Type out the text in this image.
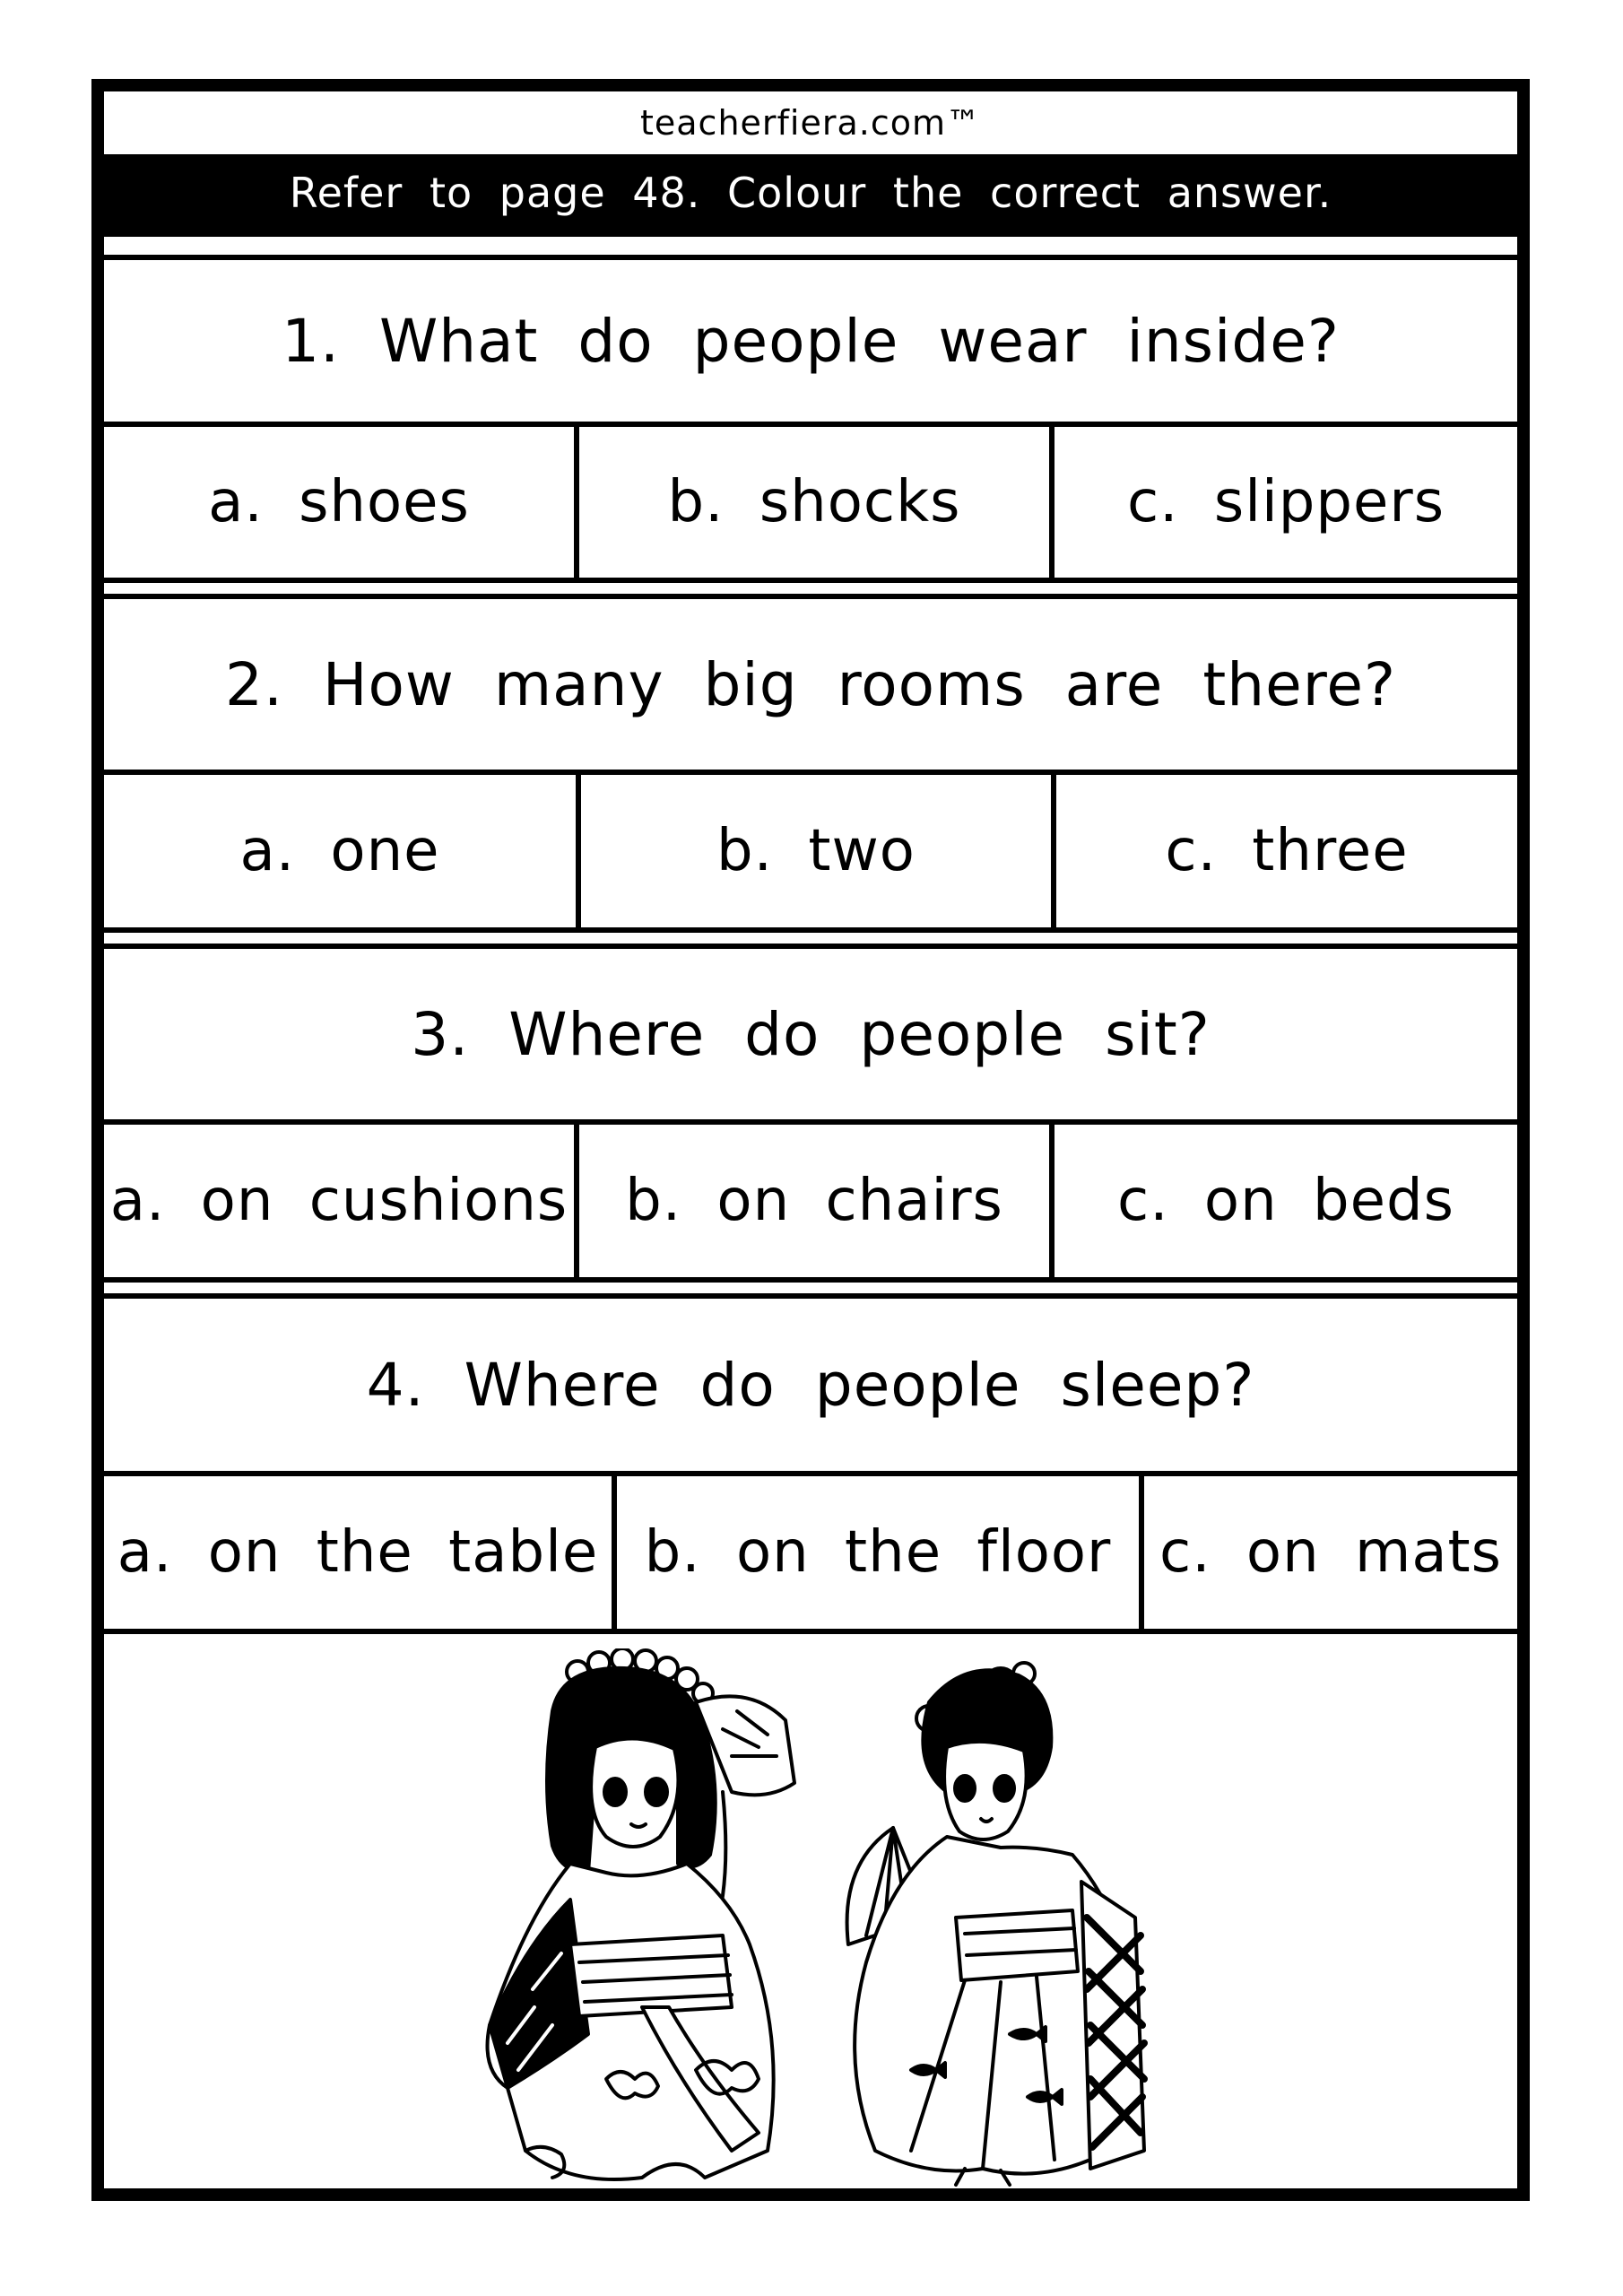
teacherfiera.com™
Refer to page 48. Colour the correct answer.
1. What do people wear inside?
a. shoes	b. shocks	c. slippers
2. How many big rooms are there?
a. one	b. two	c. three
3. Where do people sit?
a. on cushions b. on chairs	c. on beds
4. Where do people sleep?
a. on the table b. on the floor c. on mats
